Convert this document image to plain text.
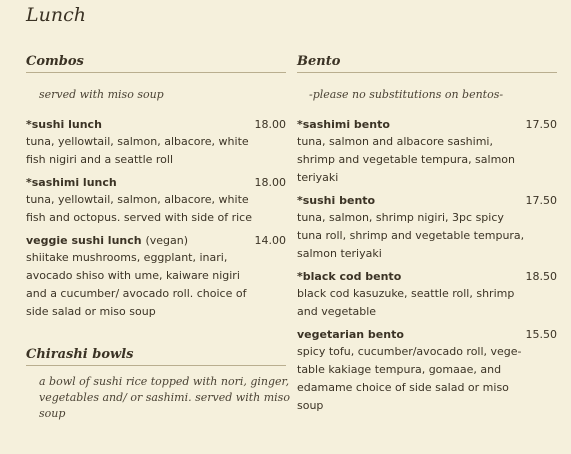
Lunch
Combos
served with miso soup
*sushi lunch	18.00
tuna, yellowtail, salmon, albacore, white fish nigiri and a seattle roll
*sashimi lunch	18.00
tuna, yellowtail, salmon, albacore, white fish and octopus. served with side of rice
veggie sushi lunch (vegan)	14.00
shiitake mushrooms, eggplant, inari, avocado shiso with ume, kaiware nigiri and a cucumber/ avocado roll. choice of side salad or miso soup
Chirashi bowls
a bowl of sushi rice topped with nori, ginger, vegetables and/ or sashimi. served with miso soup
Bento
-please no substitutions on bentos-
*sashimi bento	17.50
tuna, salmon and albacore sashimi, shrimp and vegetable tempura, salmon teriyaki
*sushi bento	17.50
tuna, salmon, shrimp nigiri, 3pc spicy tuna roll, shrimp and vegetable tempura, salmon teriyaki
*black cod bento	18.50
black cod kasuzuke, seattle roll, shrimp and vegetable
vegetarian bento	15.50
spicy tofu, cucumber/avocado roll, vege-table kakiage tempura, gomaae, and edamame choice of side salad or miso soup
